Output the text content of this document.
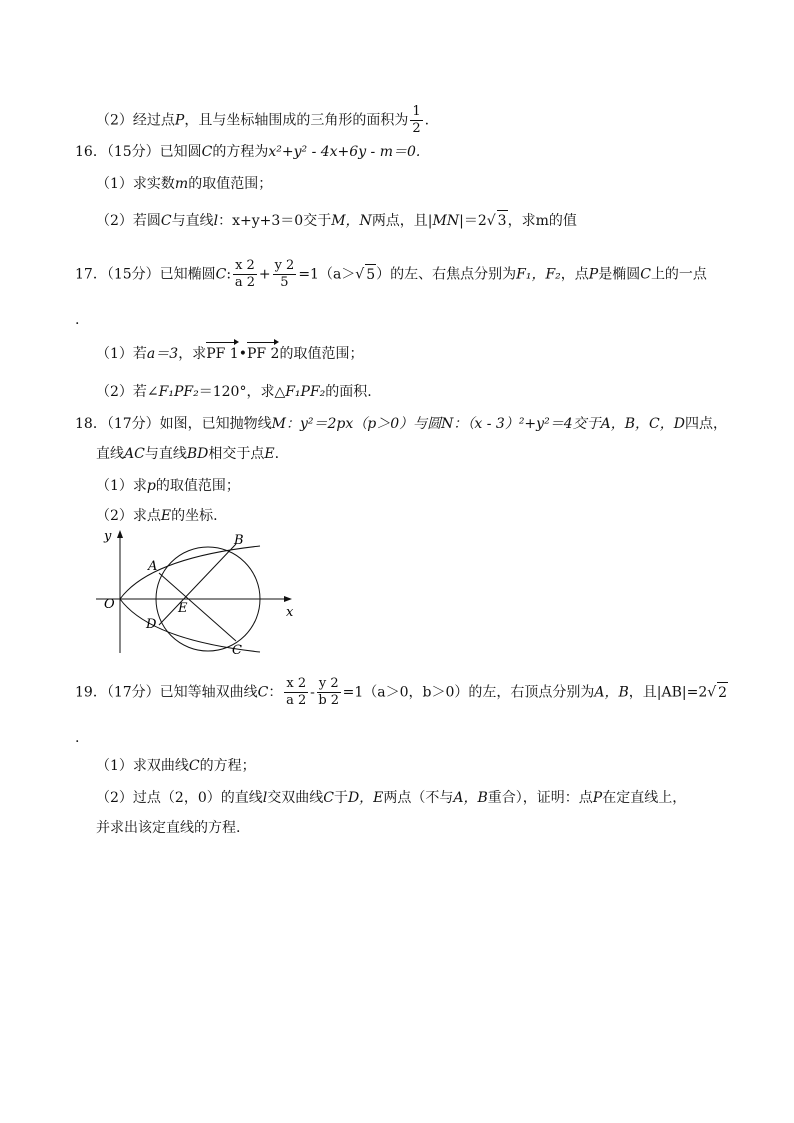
（2）经过点P，且与坐标轴围成的三角形的面积为 $\frac{1}{2}$ .
16．（15分）已知圆C的方程为x²+y² - 4x+6y - m＝0.
（1）求实数m的取值范围；
（2）若圆C与直线l：x+y+3＝0交于M，N两点，且|MN|＝2√ 3，求m的值
17．（15分）已知椭圆C: $\frac{x 2}{a 2} + \frac{y 2}{5} =1(a>√$ 5）的左、右焦点分别为F₁，F₂，点P是椭圆C上的一点
.
（1）若a＝3，求PF 1•PF 2的取值范围；
（2）若∠F₁PF₂＝120°，求△F₁PF₂的面积.
18．（17分）如图，已知抛物线M：y²＝2px（p＞0）与圆N：（x - 3）²+y²＝4交于A，B，C，D四点，
直线AC与直线BD相交于点E.
（1）求p的取值范围；
（2）求点E的坐标.
y
x
O
A
B
C
D
E
19．（17分）已知等轴双曲线C： $\frac{x 2}{a 2} - \frac{y 2}{b 2} =1(a>0$，b＞0）的左，右顶点分别为A，B，且|AB|=2√ 2
.
（1）求双曲线C的方程；
（2）过点（2，0）的直线l交双曲线C于D，E两点（不与A，B重合），证明：点P在定直线上，
并求出该定直线的方程.
